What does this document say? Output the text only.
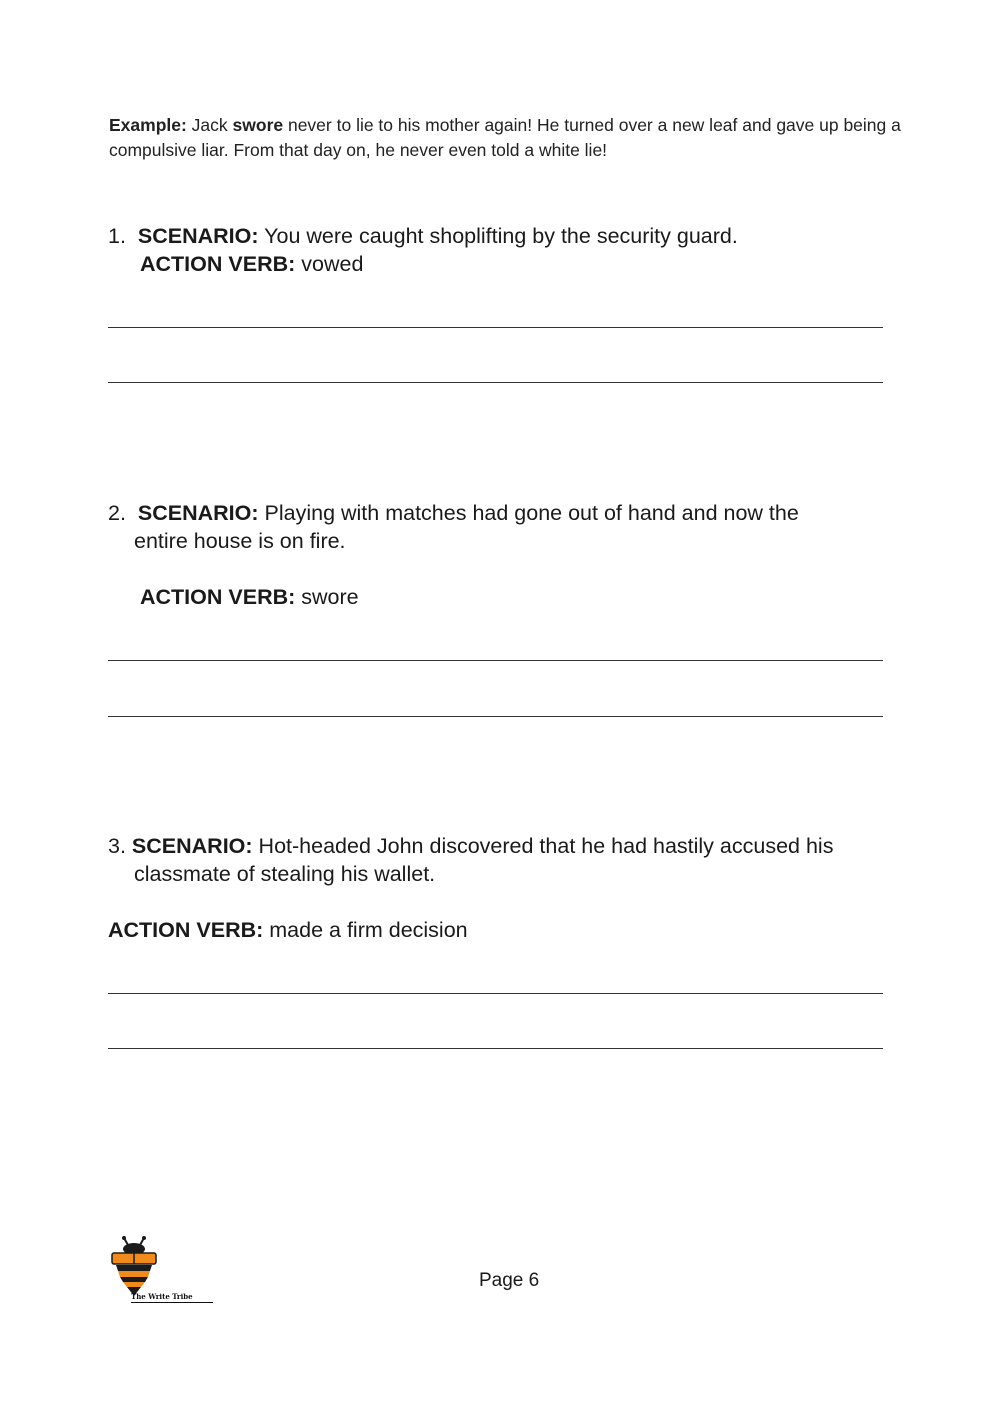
Example: Jack swore never to lie to his mother again! He turned over a new leaf and gave up being a compulsive liar. From that day on, he never even told a white lie!
1. SCENARIO: You were caught shoplifting by the security guard.
ACTION VERB: vowed
2. SCENARIO: Playing with matches had gone out of hand and now the
entire house is on fire.
ACTION VERB: swore
3. SCENARIO: Hot-headed John discovered that he had hastily accused his
classmate of stealing his wallet.
ACTION VERB: made a firm decision
The Write Tribe
Page 6
